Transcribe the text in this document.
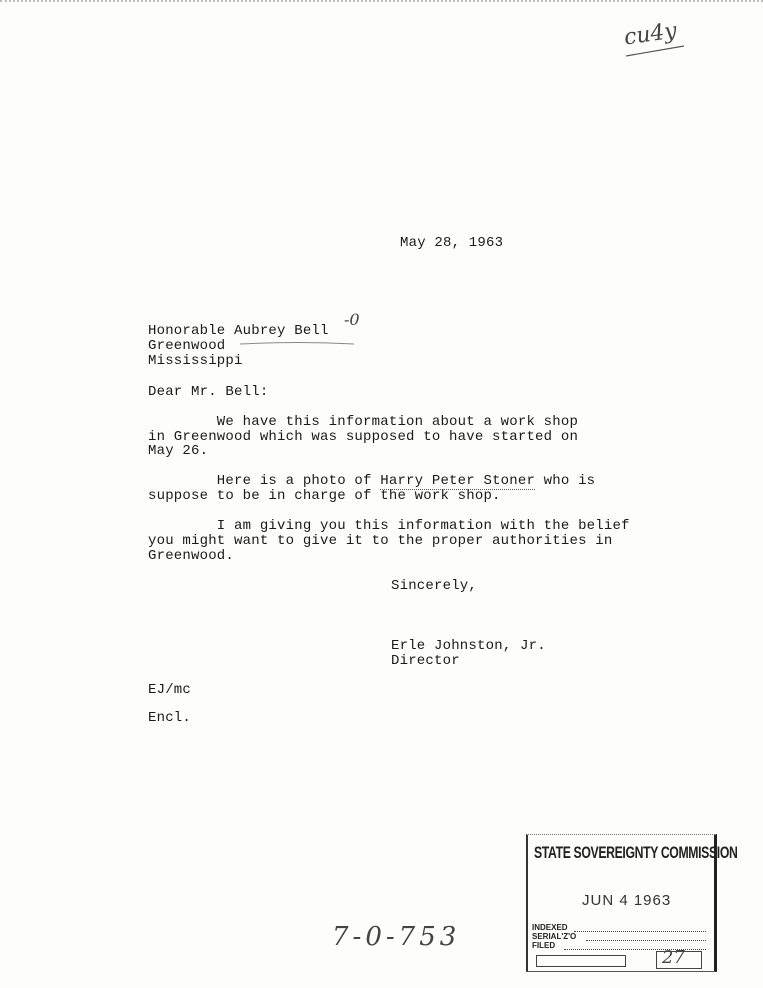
cu4y
May 28, 1963
Honorable Aubrey Bell
-0
Greenwood
Mississippi
Dear Mr. Bell:
We have this information about a work shop
in Greenwood which was supposed to have started on
May 26.
Here is a photo of Harry Peter Stoner who is
suppose to be in charge of the work shop.
I am giving you this information with the belief
you might want to give it to the proper authorities in
Greenwood.
Sincerely,
Erle Johnston, Jr.
Director
EJ/mc
Encl.
7-0-753
STATE SOVEREIGNTY COMMISSION
JUN 4 1963
INDEXED
SERIAL'Z'O
FILED
27
